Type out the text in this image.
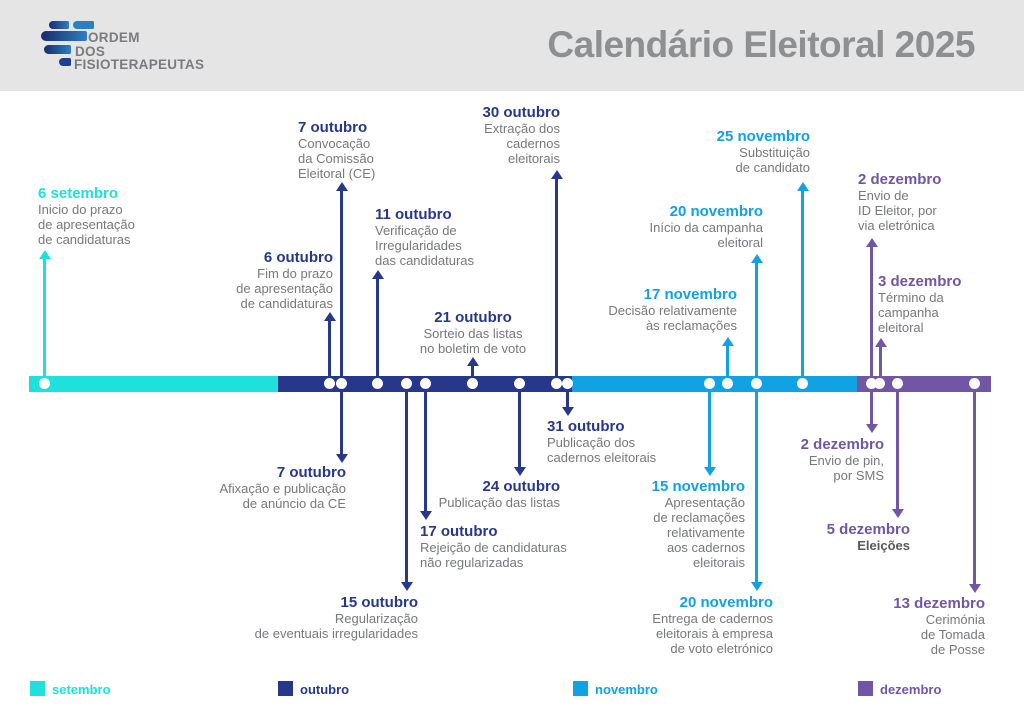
ORDEM
DOS
FISIOTERAPEUTAS	Calendário Eleitoral 2025
6 setembro
Inicio do prazo
de apresentação
de candidaturas
7 outubro
Convocação
da Comissão
Eleitoral (CE)
30 outubro
Extração dos
cadernos
eleitorais
11 outubro
Verificação de
Irregularidades
das candidaturas
6 outubro
Fim do prazo
de apresentação
de candidaturas
21 outubro
Sorteio das listas
no boletim de voto
25 novembro
Substituição
de candidato
20 novembro
Início da campanha
eleitoral
17 novembro
Decisão relativamente
às reclamações
2 dezembro
Envio de
ID Eleitor, por
via eletrónica
3 dezembro
Término da
campanha
eleitoral
7 outubro
Afixação e publicação
de anúncio da CE
17 outubro
Rejeição de candidaturas
não regularizadas
15 outubro
Regularização
de eventuais irregularidades
24 outubro
Publicação das listas
31 outubro
Publicação dos
cadernos eleitorais
15 novembro
Apresentação
de reclamações
relativamente
aos cadernos
eleitorais
20 novembro
Entrega de cadernos
eleitorais à empresa
de voto eletrónico
2 dezembro
Envio de pin,
por SMS
5 dezembro
Eleições
13 dezembro
Cerimónia
de Tomada
de Posse
setembro	outubro	novembro	dezembro
